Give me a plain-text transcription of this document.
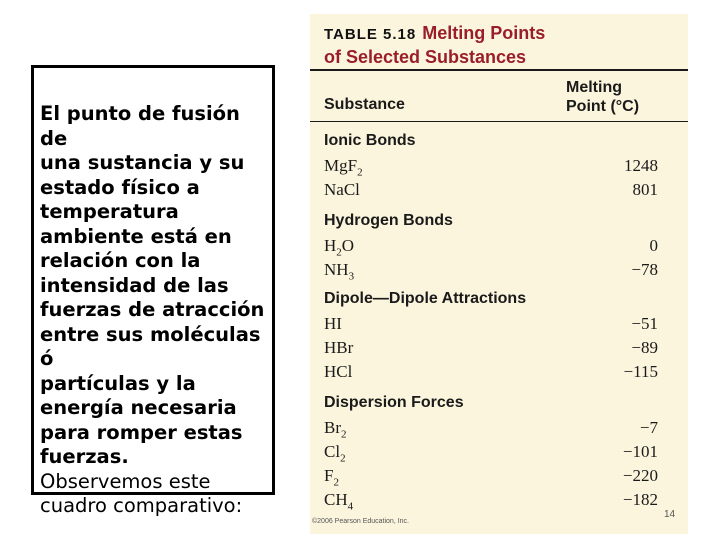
El punto de fusión de
una sustancia y su
estado físico a
temperatura
ambiente está en
relación con la
intensidad de las
fuerzas de atracción
entre sus moléculas ó
partículas y la
energía necesaria
para romper estas
fuerzas.
Observemos este
cuadro comparativo:
TABLE 5.18 Melting Points
of Selected Substances
Substance
Melting
Point (°C)
Ionic Bonds
MgF$_2$	1248
NaCl	801
Hydrogen Bonds
$H_2O$	0
$NH_3$	−78
Dipole—Dipole Attractions
HI	−51
HBr	−89
HCl	−115
Dispersion Forces
$Br_2$	−7
$Cl_2$	−101
$F_2$	−220
$CH_4$	−182
©2006 Pearson Education, Inc.
14
